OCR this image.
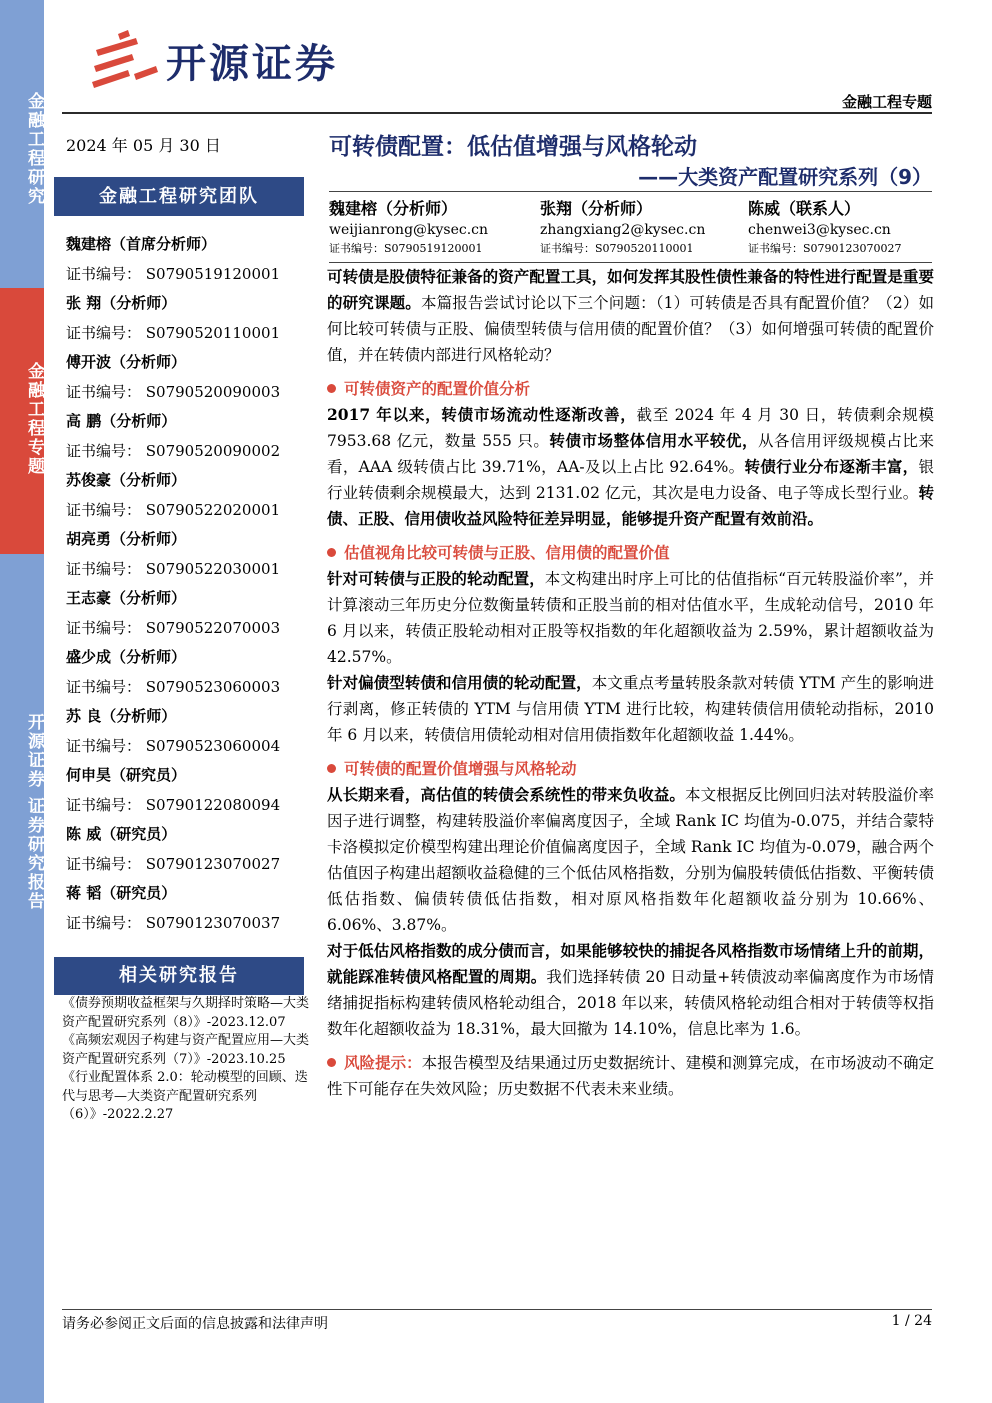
金融工程研究
金融工程专题
开源证券 证券研究报告
开源证券
金融工程专题
2024 年 05 月 30 日
金融工程研究团队
魏建榕（首席分析师）
证书编号： S0790519120001
张 翔（分析师）
证书编号： S0790520110001
傅开波（分析师）
证书编号： S0790520090003
高 鹏（分析师）
证书编号： S0790520090002
苏俊豪（分析师）
证书编号： S0790522020001
胡亮勇（分析师）
证书编号： S0790522030001
王志豪（分析师）
证书编号： S0790522070003
盛少成（分析师）
证书编号： S0790523060003
苏 良（分析师）
证书编号： S0790523060004
何申昊（研究员）
证书编号： S0790122080094
陈 威（研究员）
证书编号： S0790123070027
蒋 韬（研究员）
证书编号： S0790123070037
相关研究报告
《债券预期收益框架与久期择时策略—大类资产配置研究系列（8）》-2023.12.07
《高频宏观因子构建与资产配置应用—大类资产配置研究系列（7）》-2023.10.25
《行业配置体系 2.0：轮动模型的回顾、迭代与思考—大类资产配置研究系列（6）》-2022.2.27
可转债配置：低估值增强与风格轮动
——大类资产配置研究系列（9）
魏建榕（分析师）
weijianrong@kysec.cn
证书编号：S0790519120001
张翔（分析师）
zhangxiang2@kysec.cn
证书编号：S0790520110001
陈威（联系人）
chenwei3@kysec.cn
证书编号：S0790123070027

可转债是股债特征兼备的资产配置工具，如何发挥其股性债性兼备的特性进行配置是重要的研究课题。本篇报告尝试讨论以下三个问题：（1）可转债是否具有配置价值？（2）如何比较可转债与正股、偏债型转债与信用债的配置价值？（3）如何增强可转债的配置价值，并在转债内部进行风格轮动？

可转债资产的配置价值分析

2017 年以来，转债市场流动性逐渐改善，截至 2024 年 4 月 30 日，转债剩余规模 7953.68 亿元，数量 555 只。转债市场整体信用水平较优，从各信用评级规模占比来看，AAA 级转债占比 39.71%，AA-及以上占比 92.64%。转债行业分布逐渐丰富，银行业转债剩余规模最大，达到 2131.02 亿元，其次是电力设备、电子等成长型行业。转债、正股、信用债收益风险特征差异明显，能够提升资产配置有效前沿。

估值视角比较可转债与正股、信用债的配置价值

针对可转债与正股的轮动配置，本文构建出时序上可比的估值指标“百元转股溢价率”，并计算滚动三年历史分位数衡量转债和正股当前的相对估值水平，生成轮动信号，2010 年 6 月以来，转债正股轮动相对正股等权指数的年化超额收益为 2.59%，累计超额收益为 42.57%。

针对偏债型转债和信用债的轮动配置，本文重点考量转股条款对转债 YTM 产生的影响进行剥离，修正转债的 YTM 与信用债 YTM 进行比较，构建转债信用债轮动指标，2010 年 6 月以来，转债信用债轮动相对信用债指数年化超额收益 1.44%。

可转债的配置价值增强与风格轮动

从长期来看，高估值的转债会系统性的带来负收益。本文根据反比例回归法对转股溢价率因子进行调整，构建转股溢价率偏离度因子，全域 Rank IC 均值为-0.075，并结合蒙特卡洛模拟定价模型构建出理论价值偏离度因子，全域 Rank IC 均值为-0.079，融合两个估值因子构建出超额收益稳健的三个低估风格指数，分别为偏股转债低估指数、平衡转债低估指数、偏债转债低估指数，相对原风格指数年化超额收益分别为 10.66%、6.06%、3.87%。

对于低估风格指数的成分债而言，如果能够较快的捕捉各风格指数市场情绪上升的前期，就能踩准转债风格配置的周期。我们选择转债 20 日动量+转债波动率偏离度作为市场情绪捕捉指标构建转债风格轮动组合，2018 年以来，转债风格轮动组合相对于转债等权指数年化超额收益为 18.31%，最大回撤为 14.10%，信息比率为 1.6。

风险提示：本报告模型及结果通过历史数据统计、建模和测算完成，在市场波动不确定性下可能存在失效风险；历史数据不代表未来业绩。

请务必参阅正文后面的信息披露和法律声明	1 / 24
